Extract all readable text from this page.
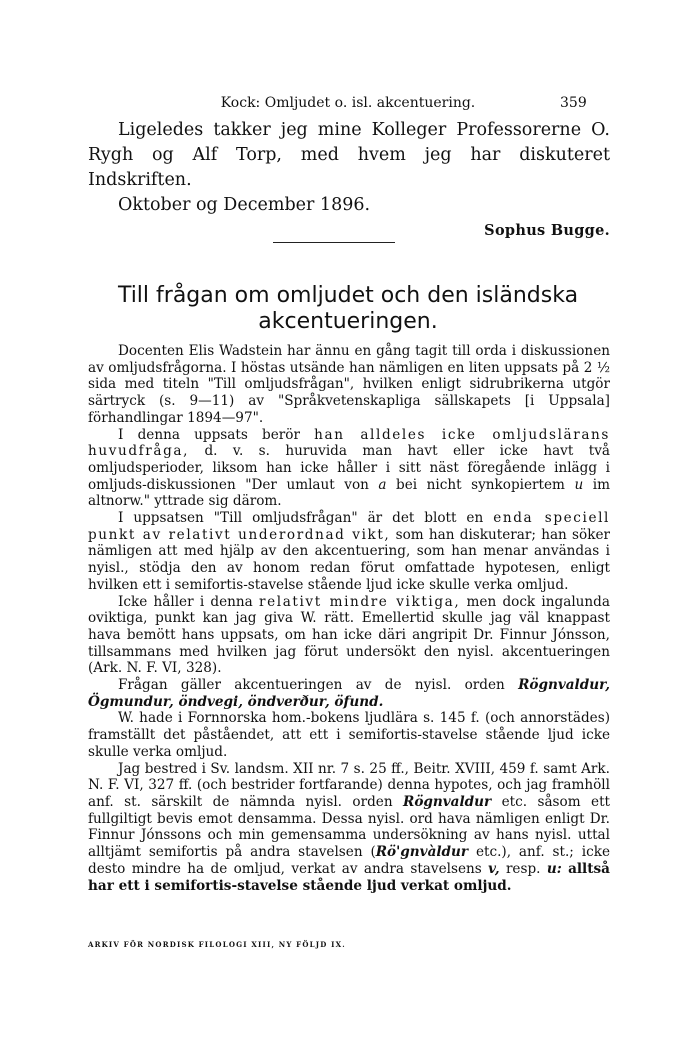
Kock: Omljudet o. isl. akcentuering.	359

Ligeledes takker jeg mine Kolleger Professorerne O. Rygh og Alf Torp, med hvem jeg har diskuteret Indskriften.

Oktober og December 1896.

Sophus Bugge.

Till frågan om omljudet och den isländska akcentueringen.

Docenten Elis Wadstein har ännu en gång tagit till orda i diskussionen av omljudsfrågorna. I höstas utsände han nämligen en liten uppsats på 2 ½ sida med titeln "Till omljudsfrågan", hvilken enligt sidrubrikerna utgör särtryck (s. 9—11) av "Språkvetenskapliga sällskapets [i Uppsala] förhandlingar 1894—97".

I denna uppsats berör han alldeles icke omljudslärans huvudfråga, d. v. s. huruvida man havt eller icke havt två omljudsperioder, liksom han icke håller i sitt näst föregående inlägg i omljuds-diskussionen "Der umlaut von a bei nicht synkopiertem u im altnorw." yttrade sig därom.

I uppsatsen "Till omljudsfrågan" är det blott en enda speciell punkt av relativt underordnad vikt, som han diskuterar; han söker nämligen att med hjälp av den akcentuering, som han menar användas i nyisl., stödja den av honom redan förut omfattade hypotesen, enligt hvilken ett i semifortis-stavelse stående ljud icke skulle verka omljud.

Icke håller i denna relativt mindre viktiga, men dock ingalunda oviktiga, punkt kan jag giva W. rätt. Emellertid skulle jag väl knappast hava bemött hans uppsats, om han icke däri angripit Dr. Finnur Jónsson, tillsammans med hvilken jag förut undersökt den nyisl. akcentueringen (Ark. N. F. VI, 328).

Frågan gäller akcentueringen av de nyisl. orden Rögnvaldur, Ögmundur, öndvegi, öndverður, öfund.

W. hade i Fornnorska hom.-bokens ljudlära s. 145 f. (och annorstädes) framställt det påståendet, att ett i semifortis-stavelse stående ljud icke skulle verka omljud.

Jag bestred i Sv. landsm. XII nr. 7 s. 25 ff., Beitr. XVIII, 459 f. samt Ark. N. F. VI, 327 ff. (och bestrider fortfarande) denna hypotes, och jag framhöll anf. st. särskilt de nämnda nyisl. orden Rögnvaldur etc. såsom ett fullgiltigt bevis emot densamma. Dessa nyisl. ord hava nämligen enligt Dr. Finnur Jónssons och min gemensamma undersökning av hans nyisl. uttal alltjämt semifortis på andra stavelsen (Rö'gnvàldur etc.), anf. st.; icke desto mindre ha de omljud, verkat av andra stavelsens v, resp. u: alltså har ett i semifortis-stavelse stående ljud verkat omljud.

ARKIV FÖR NORDISK FILOLOGI XIII, NY FÖLJD IX.
